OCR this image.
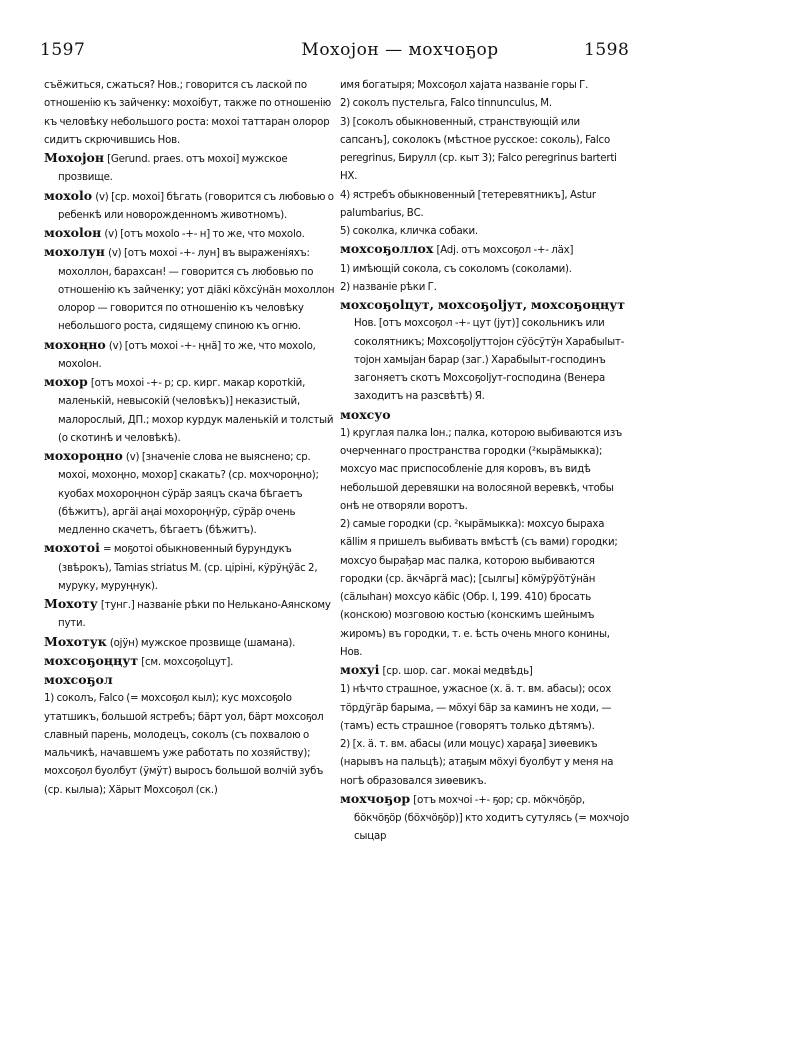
1597	Мохоjон — мохчоҕор	1598

съёжиться, сжаться? Нов.; говорится съ лаской по отношенію къ зайченку: мохоібут, также по отношенію къ человѣку небольшого роста: мохоі таттаран олорор сидитъ скрючившись Нов.

Мохоjон [Gerund. praes. отъ мохоі] мужское прозвище.

мохоlо (v) [ср. мохоі] бѣгать (говорится съ любовью о ребенкѣ или новорожденномъ животномъ).

мохоlон (v) [отъ мохоlо -+- н] то же, что мохоlо.

мохолун (v) [отъ мохоі -+- лун] въ выраженіяхъ: мохоллон, барахсан! — говорится съ любовью по отношенію къ зайченку; уот дiäкi кöхсÿнäн мохоллон олорор — говорится по отношенію къ человѣку небольшого роста, сидящему спиною къ огню.

мохоңно (v) [отъ мохоі -+- ңнä] то же, что мохоlо, мохоlон.

мохор [отъ мохоі -+- р; ср. кирг. макар коротkій, маленькій, невысокій (человѣкъ)] неказистый, малорослый, ДП.; мохор курдук маленькій и толстый (о скотинѣ и человѣкѣ).

мохороңно (v) [значеніе слова не выяснено; ср. мохоі, мохоңно, мохор] скакать? (ср. мохчороңно); куобах мохороңнон сÿрäр заяцъ скача бѣгаетъ (бѣжитъ), аргäi аңаi мохороңнÿр, сÿрäр очень медленно скачетъ, бѣгаетъ (бѣжитъ).

мохотоi = моҕотоi обыкновенный бурундукъ (звѣрокъ), Tamias striatus M. (ср. ціріні, кÿрÿңÿäс 2, муруку, муруңнук).

Мохоту [тунг.] названіе рѣки по Нелькано-Аянскому пути.

Мохотук (оjÿн) мужское прозвище (шамана).

мохсоҕоңңут [см. мохсоҕоlцут].

мохсоҕол

1) соколъ, Falco (= мохсоҕол кыл); кус мохсоҕоlо утатшикъ, большой ястребъ; бäрт уол, бäрт мохсоҕол славный парень, молодецъ, соколъ (съ похвалою о мальчикѣ, начавшемъ уже работать по хозяйству); мохсоҕол буолбут (ÿмÿт) выросъ большой волчій зубъ (ср. кылыа); Хäрыт Мохсоҕол (ск.)

имя богатыря; Мохсоҕол хаjата названіе горы Г.

2) соколъ пустельга, Falco tinnunculus, M.

3) [соколъ обыкновенный, странствующій или сапсанъ], соколокъ (мѣстное русское: соколь), Falco peregrinus, Бирулл (ср. кыт 3); Falco peregrinus barterti НХ.

4) ястребъ обыкновенный [тетеревятникъ], Astur palumbarius, ВС.

5) соколка, кличка собаки.

мохсоҕоллох [Adj. отъ мохсоҕол -+- лäх]

1) имѣющій сокола, съ соколомъ (соколами).

2) названіе рѣки Г.

мохсоҕоlцут, мохсоҕоljут, мохсоҕоңңут Нов. [отъ мохсоҕол -+- цут (jут)] сокольникъ или соколятникъ; Мохсоҕоljуттоjон сÿöсÿтÿн Харабыlыт-тоjон хамыjан барар (заг.) Харабыlыт-господинъ загоняетъ скотъ Мохсоҕоljут-господина (Венера заходитъ на разсвѣтѣ) Я.

мохсуо

1) круглая палка Іон.; палка, которою выбиваются изъ очерченнаго пространства городки (²кырäмыкка); мохсуо мас приспособленіе для коровъ, въ видѣ небольшой деревяшки на волосяной веревкѣ, чтобы онѣ не отворяли воротъ.

2) самые городки (ср. ²кырäмыкка): мохсуо быраха кällім я пришелъ выбивать вмѣстѣ (съ вами) городки; мохсуо бырађар мас палка, которою выбиваются городки (ср. äкчäргä мас); [сылгы] кöмÿрÿöтÿнäн (сäлыһан) мохсуо кäбiс (Обр. I, 199. 410) бросать (конскою) мозговою костью (конскимъ шейнымъ жиромъ) въ городки, т. е. ѣсть очень много конины, Нов.

мохуi [ср. шор. саг. мокаі медвѣдь]

1) нѣчто страшное, ужасное (х. ä. т. вм. абасы); осох тöрдÿгäр барыма, — мöхуi бäр за каминъ не ходи, — (тамъ) есть страшное (говорятъ только дѣтямъ).

2) [х. ä. т. вм. абасы (или моцус) хараҕа] зиѳевикъ (нарывъ на пальцѣ); атаҕым мöхуi буолбут у меня на ногѣ образовался зиѳевикъ.

мохчоҕор [отъ мохчоі -+- ҕор; ср. мöкчöҕöр, бöкчöҕöр (бöхчöҕöр)] кто ходитъ сутулясь (= мохчоjо сыцар
